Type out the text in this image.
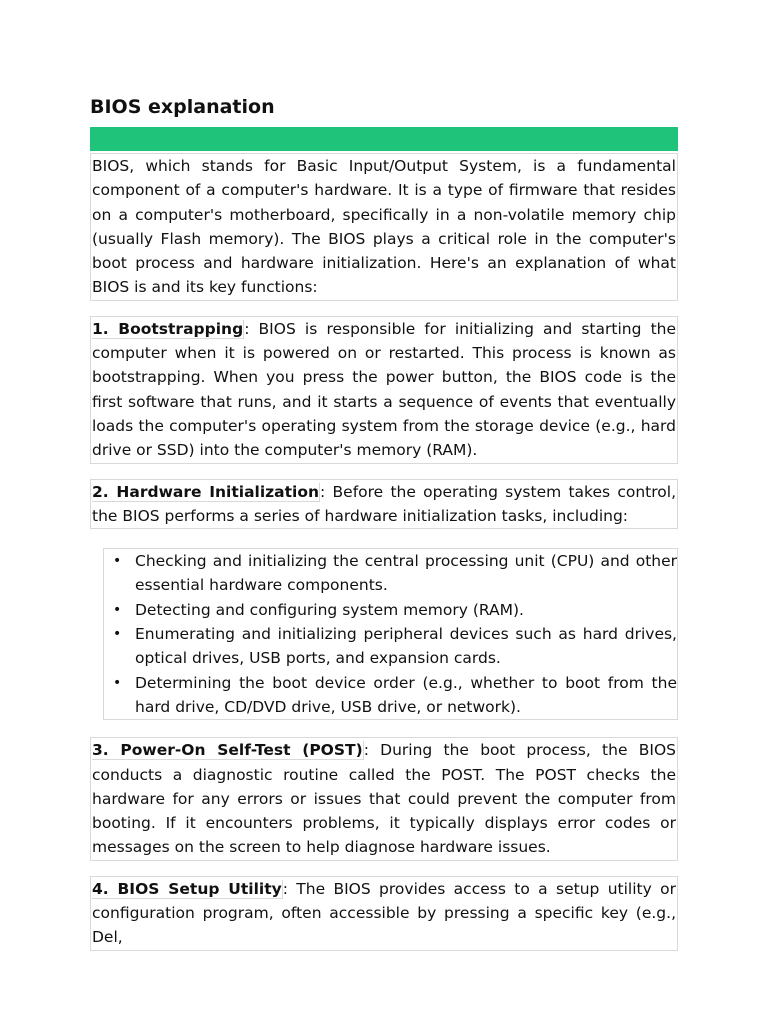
BIOS explanation

BIOS, which stands for Basic Input/Output System, is a fundamental component of a computer's hardware. It is a type of firmware that resides on a computer's motherboard, specifically in a non-volatile memory chip (usually Flash memory). The BIOS plays a critical role in the computer's boot process and hardware initialization. Here's an explanation of what BIOS is and its key functions:

1. Bootstrapping: BIOS is responsible for initializing and starting the computer when it is powered on or restarted. This process is known as bootstrapping. When you press the power button, the BIOS code is the first software that runs, and it starts a sequence of events that eventually loads the computer's operating system from the storage device (e.g., hard drive or SSD) into the computer's memory (RAM).

2. Hardware Initialization: Before the operating system takes control, the BIOS performs a series of hardware initialization tasks, including:

• Checking and initializing the central processing unit (CPU) and other essential hardware components.
• Detecting and configuring system memory (RAM).
• Enumerating and initializing peripheral devices such as hard drives, optical drives, USB ports, and expansion cards.
• Determining the boot device order (e.g., whether to boot from the hard drive, CD/DVD drive, USB drive, or network).

3. Power-On Self-Test (POST): During the boot process, the BIOS conducts a diagnostic routine called the POST. The POST checks the hardware for any errors or issues that could prevent the computer from booting. If it encounters problems, it typically displays error codes or messages on the screen to help diagnose hardware issues.

4. BIOS Setup Utility: The BIOS provides access to a setup utility or configuration program, often accessible by pressing a specific key (e.g., Del,
